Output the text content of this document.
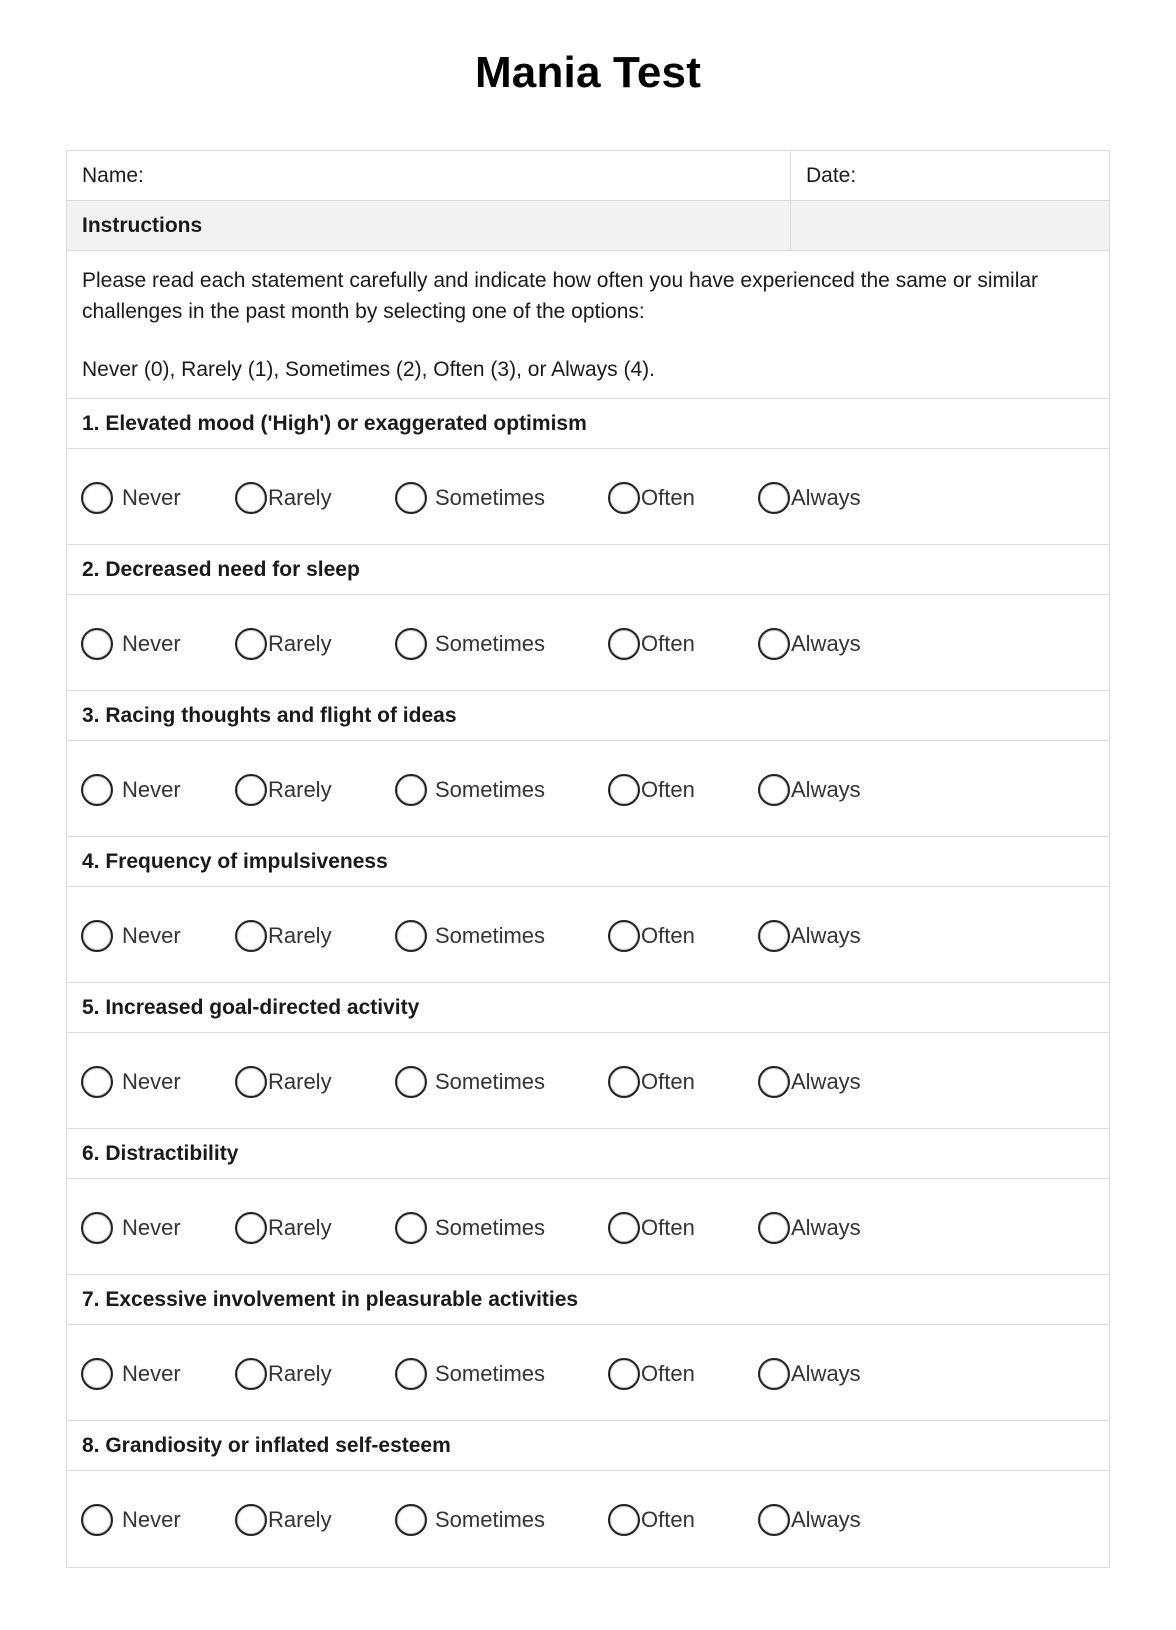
Mania Test
Name:	Date:
Instructions

Please read each statement carefully and indicate how often you have experienced the same or similar challenges in the past month by selecting one of the options:

Never (0), Rarely (1), Sometimes (2), Often (3), or Always (4).

1. Elevated mood ('High') or exaggerated optimism
Never	Rarely	Sometimes	Often	Always
2. Decreased need for sleep
Never	Rarely	Sometimes	Often	Always
3. Racing thoughts and flight of ideas
Never	Rarely	Sometimes	Often	Always
4. Frequency of impulsiveness
Never	Rarely	Sometimes	Often	Always
5. Increased goal-directed activity
Never	Rarely	Sometimes	Often	Always
6. Distractibility
Never	Rarely	Sometimes	Often	Always
7. Excessive involvement in pleasurable activities
Never	Rarely	Sometimes	Often	Always
8. Grandiosity or inflated self-esteem
Never	Rarely	Sometimes	Often	Always
